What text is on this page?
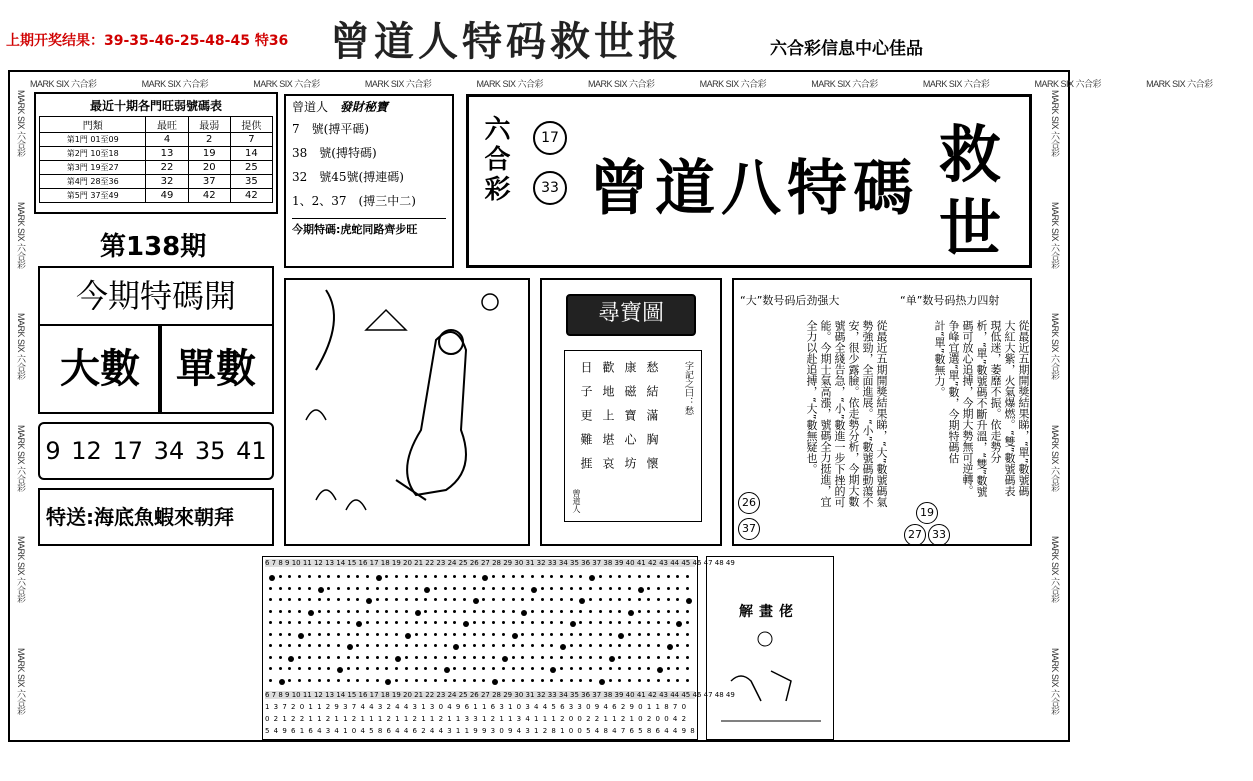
上期开奖结果：39-35-46-25-48-45 特36 曾道人特码救世报	六合彩信息中心佳品
MARK SIX 六合彩	MARK SIX 六合彩	MARK SIX 六合彩	MARK SIX 六合彩	MARK SIX 六合彩	MARK SIX 六合彩	MARK SIX 六合彩	MARK SIX 六合彩	MARK SIX 六合彩	MARK SIX 六合彩	MARK SIX 六合彩
MARK SIX 六合彩 MARK SIX 六合彩 MARK SIX 六合彩 MARK SIX 六合彩 MARK SIX 六合彩 MARK SIX 六合彩
MARK SIX 六合彩 MARK SIX 六合彩 MARK SIX 六合彩 MARK SIX 六合彩 MARK SIX 六合彩 MARK SIX 六合彩
最近十期各門旺弱號碼表
門類	最旺	最弱	提供
第1門 01至09	4	2	7
第2門 10至18	13	19	14
第3門 19至27	22	20	25
第4門 28至36	32	37	35
第5門 37至49	49	42	42
曾道人 發財秘寶
7　號(搏平碼)
38　號(搏特碼)
32　號45號(搏連碼)
1、2、37　(搏三中二)
今期特碼:虎蛇同路齊步旺
六合彩	17
33 曾道八特碼 救
世
第138期
今期特碼開
大數 單數
9 12 17 34 35 41
特送:海底魚蝦來朝拜
尋寶圖
字記之曰：愁
愁　結　滿　胸　懷
康　磁　寶　心　坊
歡　地　上　堪　哀
日　子　更　難　捱
曾道人
“大”数号码后劲强大	“单”数号码热力四射
從最近五期開獎結果睇，“大”數號碼氣勢強勁，全面進展。“小”數號碼動蕩不安，很少露臉。依走勢分析，今期大數號碼全綫告急，“小”數進一步下挫的可能。今期士氣高漲，號碼全力挺進，宜全力以赴追搏，“大”數無疑也。	從最近五期開獎結果睇，“單”數號碼大紅大紫，火氣爆燃。“雙”數號碼表現低迷，萎靡不振。依走勢分析，“單”數號碼不斷升溫，“雙”數號碼可放心追搏，今期大勢無可逆轉。争峰宜選“單”數，今期特碼估計“單”數無力。
26
37
19
27 33
6 7 8 9 10 11 12 13 14 15 16 17 18 19 20 21 22 23 24 25 26 27 28 29 30 31 32 33 34 35 36 37 38 39 40 41 42 43 44 45 46 47 48 49
6 7 8 9 10 11 12 13 14 15 16 17 18 19 20 21 22 23 24 25 26 27 28 29 30 31 32 33 34 35 36 37 38 39 40 41 42 43 44 45 46 47 48 49
1 3 7 2 0 1 1 2 9 3 7 4 4 3 2 4 4 3 1 3 0 4 9 6 1 1 6 3 1 0 3 4 4 5 6 3 3 0 9 4 6 2 9 0 1 1 8 7 0
0 2 1 2 2 1 1 2 1 1 2 1 1 1 2 1 1 2 1 1 2 1 1 3 3 1 2 1 1 3 4 1 1 1 2 0 0 2 2 1 1 2 1 0 2 0 0 4 2
5 4 9 6 1 6 4 3 4 1 0 4 5 8 6 4 4 6 2 4 4 3 1 1 9 9 3 0 9 4 3 1 2 8 1 0 0 5 4 8 4 7 6 5 8 6 4 4 9 8
解畫佬
